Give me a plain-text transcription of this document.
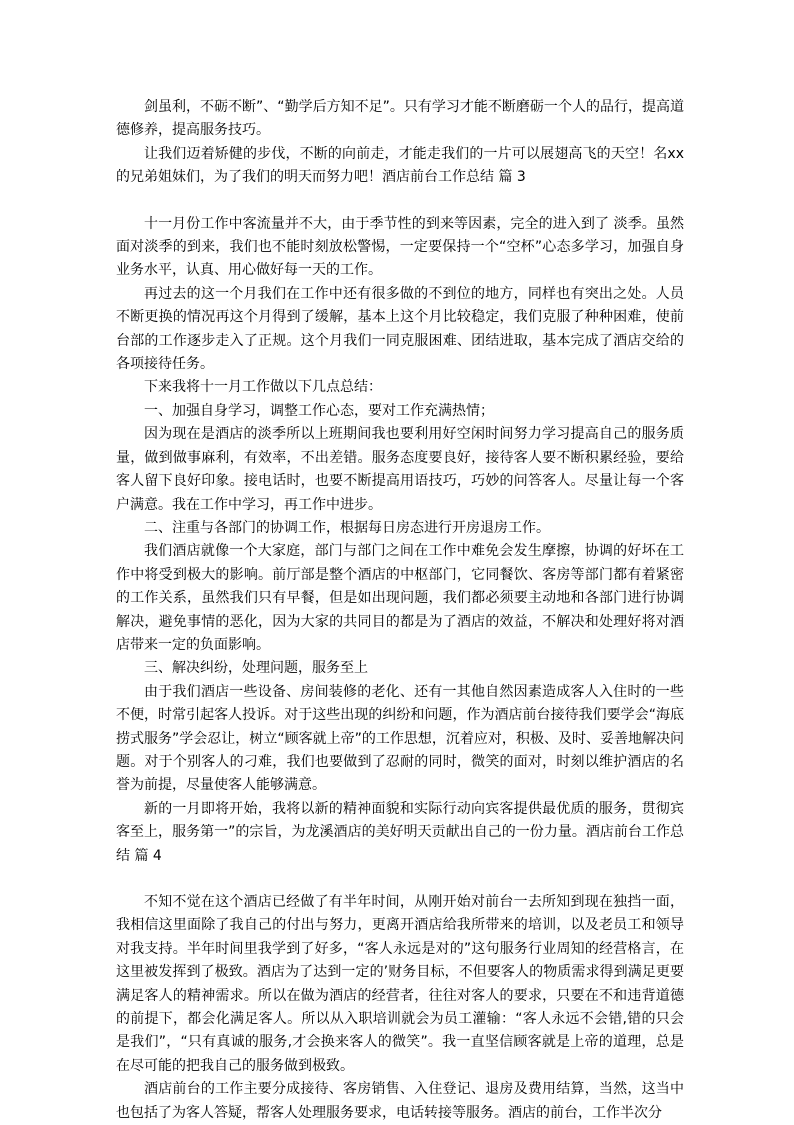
剑虽利，不砺不断”、“勤学后方知不足”。只有学习才能不断磨砺一个人的品行，提高道德修养，提高服务技巧。

让我们迈着矫健的步伐，不断的向前走，才能走我们的一片可以展翅高飞的天空！名xx的兄弟姐妹们，为了我们的明天而努力吧！酒店前台工作总结 篇 3

十一月份工作中客流量并不大，由于季节性的到来等因素，完全的进入到了 淡季。虽然面对淡季的到来，我们也不能时刻放松警惕，一定要保持一个“空杯”心态多学习，加强自身业务水平，认真、用心做好每一天的工作。

再过去的这一个月我们在工作中还有很多做的不到位的地方，同样也有突出之处。人员不断更换的情况再这个月得到了缓解，基本上这个月比较稳定，我们克服了种种困难，使前台部的工作逐步走入了正规。这个月我们一同克服困难、团结进取，基本完成了酒店交给的各项接待任务。

下来我将十一月工作做以下几点总结：

一、加强自身学习，调整工作心态，要对工作充满热情；

因为现在是酒店的淡季所以上班期间我也要利用好空闲时间努力学习提高自己的服务质量，做到做事麻利，有效率，不出差错。服务态度要良好，接待客人要不断积累经验，要给客人留下良好印象。接电话时，也要不断提高用语技巧，巧妙的问答客人。尽量让每一个客户满意。我在工作中学习，再工作中进步。

二、注重与各部门的协调工作，根据每日房态进行开房退房工作。

我们酒店就像一个大家庭，部门与部门之间在工作中难免会发生摩擦，协调的好坏在工作中将受到极大的影响。前厅部是整个酒店的中枢部门，它同餐饮、客房等部门都有着紧密的工作关系，虽然我们只有早餐，但是如出现问题，我们都必须要主动地和各部门进行协调解决，避免事情的恶化，因为大家的共同目的都是为了酒店的效益，不解决和处理好将对酒店带来一定的负面影响。

三、解决纠纷，处理问题，服务至上

由于我们酒店一些设备、房间装修的老化、还有一其他自然因素造成客人入住时的一些不便，时常引起客人投诉。对于这些出现的纠纷和问题，作为酒店前台接待我们要学会“海底捞式服务”学会忍让，树立“顾客就上帝”的工作思想，沉着应对，积极、及时、妥善地解决问题。对于个别客人的刁难，我们也要做到了忍耐的同时，微笑的面对，时刻以维护酒店的名誉为前提，尽量使客人能够满意。

新的一月即将开始，我将以新的精神面貌和实际行动向宾客提供最优质的服务，贯彻宾客至上，服务第一”的宗旨，为龙溪酒店的美好明天贡献出自己的一份力量。酒店前台工作总结 篇 4

不知不觉在这个酒店已经做了有半年时间，从刚开始对前台一去所知到现在独挡一面，我相信这里面除了我自己的付出与努力，更离开酒店给我所带来的培训，以及老员工和领导对我支持。半年时间里我学到了好多，“客人永远是对的”这句服务行业周知的经营格言，在这里被发挥到了极致。酒店为了达到一定的’财务目标，不但要客人的物质需求得到满足更要满足客人的精神需求。所以在做为酒店的经营者，往往对客人的要求，只要在不和违背道德的前提下，都会化满足客人。所以从入职培训就会为员工灌输：“客人永远不会错,错的只会是我们”，“只有真诚的服务,才会换来客人的微笑”。我一直坚信顾客就是上帝的道理，总是在尽可能的把我自己的服务做到极致。

酒店前台的工作主要分成接待、客房销售、入住登记、退房及费用结算，当然，这当中也包括了为客人答疑，帮客人处理服务要求，电话转接等服务。酒店的前台，工作半次分
